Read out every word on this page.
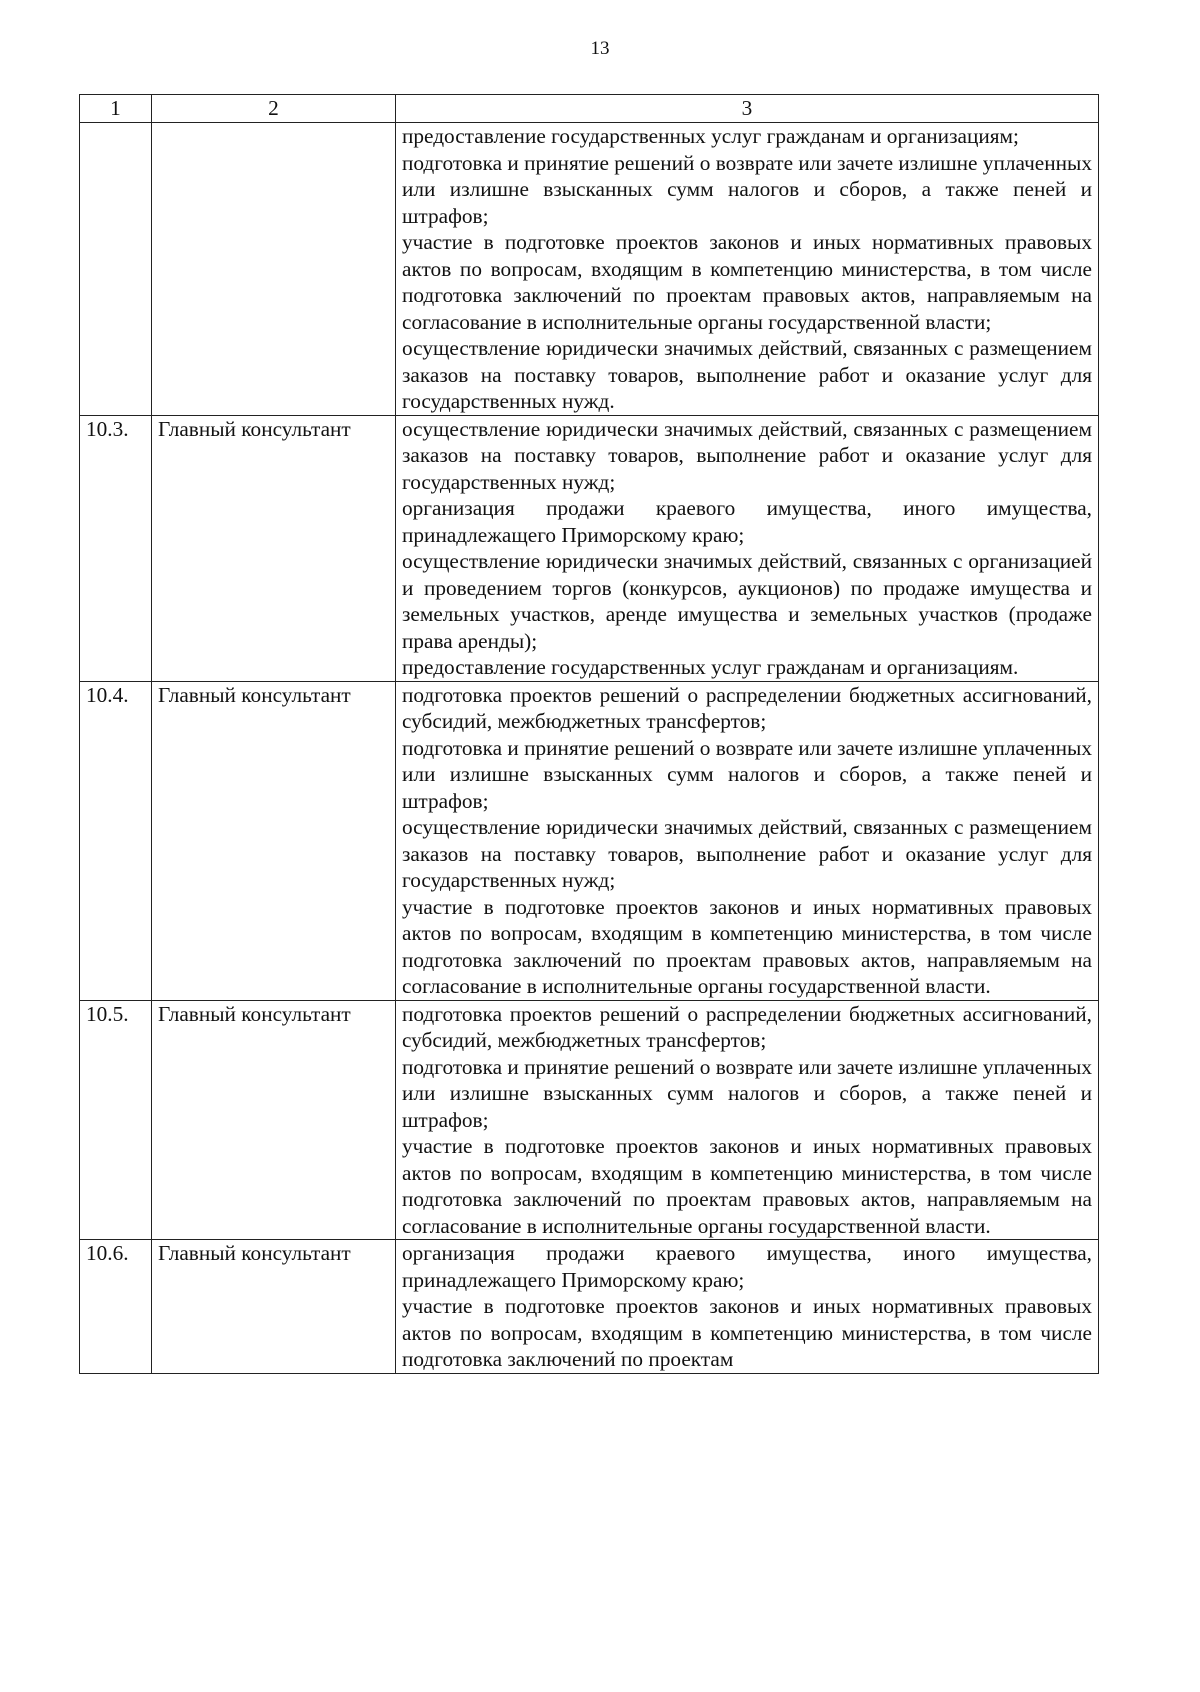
13
1	2	3

		предоставление государственных услуг гражданам и организациям;
подготовка и принятие решений о возврате или зачете излишне уплаченных или излишне взысканных сумм налогов и сборов, а также пеней и штрафов;
участие в подготовке проектов законов и иных нормативных правовых актов по вопросам, входящим в компетенцию министерства, в том числе подготовка заключений по проектам правовых актов, направляемым на согласование в исполнительные органы государственной власти;
осуществление юридически значимых действий, связанных с размещением заказов на поставку товаров, выполнение работ и оказание услуг для государственных нужд.

10.3.	Главный консультант	осуществление юридически значимых действий, связанных с размещением заказов на поставку товаров, выполнение работ и оказание услуг для государственных нужд;
организация продажи краевого имущества, иного имущества, принадлежащего Приморскому краю;
осуществление юридически значимых действий, связанных с организацией и проведением торгов (конкурсов, аукционов) по продаже имущества и земельных участков, аренде имущества и земельных участков (продаже права аренды);
предоставление государственных услуг гражданам и организациям.

10.4.	Главный консультант	подготовка проектов решений о распределении бюджетных ассигнований, субсидий, межбюджетных трансфертов;
подготовка и принятие решений о возврате или зачете излишне уплаченных или излишне взысканных сумм налогов и сборов, а также пеней и штрафов;
осуществление юридически значимых действий, связанных с размещением заказов на поставку товаров, выполнение работ и оказание услуг для государственных нужд;
участие в подготовке проектов законов и иных нормативных правовых актов по вопросам, входящим в компетенцию министерства, в том числе подготовка заключений по проектам правовых актов, направляемым на согласование в исполнительные органы государственной власти.

10.5.	Главный консультант	подготовка проектов решений о распределении бюджетных ассигнований, субсидий, межбюджетных трансфертов;
подготовка и принятие решений о возврате или зачете излишне уплаченных или излишне взысканных сумм налогов и сборов, а также пеней и штрафов;
участие в подготовке проектов законов и иных нормативных правовых актов по вопросам, входящим в компетенцию министерства, в том числе подготовка заключений по проектам правовых актов, направляемым на согласование в исполнительные органы государственной власти.

10.6.	Главный консультант	организация продажи краевого имущества, иного имущества, принадлежащего Приморскому краю;
участие в подготовке проектов законов и иных нормативных правовых актов по вопросам, входящим в компетенцию министерства, в том числе подготовка заключений по проектам
